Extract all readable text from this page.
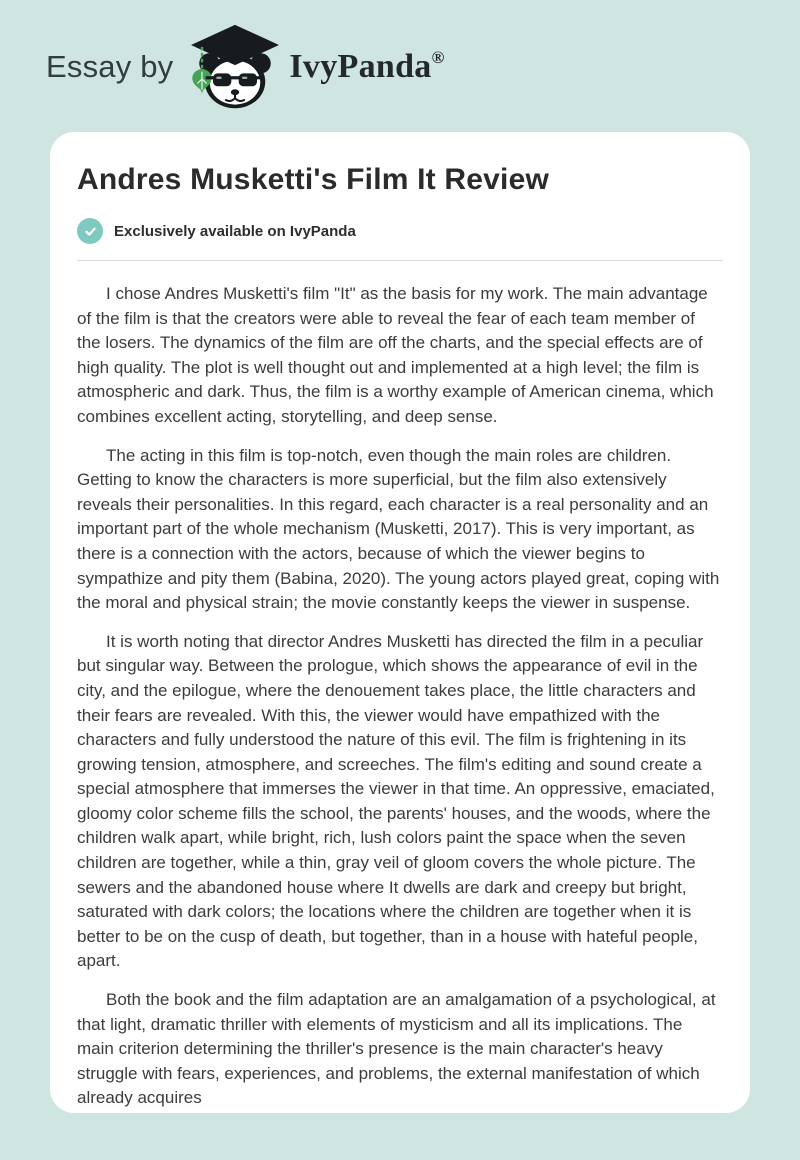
Essay by	IvyPanda®
Andres Musketti's Film It Review
Exclusively available on IvyPanda

I chose Andres Musketti's film "It" as the basis for my work. The main advantage of the film is that the creators were able to reveal the fear of each team member of the losers. The dynamics of the film are off the charts, and the special effects are of high quality. The plot is well thought out and implemented at a high level; the film is atmospheric and dark. Thus, the film is a worthy example of American cinema, which combines excellent acting, storytelling, and deep sense.

The acting in this film is top-notch, even though the main roles are children. Getting to know the characters is more superficial, but the film also extensively reveals their personalities. In this regard, each character is a real personality and an important part of the whole mechanism (Musketti, 2017). This is very important, as there is a connection with the actors, because of which the viewer begins to sympathize and pity them (Babina, 2020). The young actors played great, coping with the moral and physical strain; the movie constantly keeps the viewer in suspense.

It is worth noting that director Andres Musketti has directed the film in a peculiar but singular way. Between the prologue, which shows the appearance of evil in the city, and the epilogue, where the denouement takes place, the little characters and their fears are revealed. With this, the viewer would have empathized with the characters and fully understood the nature of this evil. The film is frightening in its growing tension, atmosphere, and screeches. The film's editing and sound create a special atmosphere that immerses the viewer in that time. An oppressive, emaciated, gloomy color scheme fills the school, the parents' houses, and the woods, where the children walk apart, while bright, rich, lush colors paint the space when the seven children are together, while a thin, gray veil of gloom covers the whole picture. The sewers and the abandoned house where It dwells are dark and creepy but bright, saturated with dark colors; the locations where the children are together when it is better to be on the cusp of death, but together, than in a house with hateful people, apart.

Both the book and the film adaptation are an amalgamation of a psychological, at that light, dramatic thriller with elements of mysticism and all its implications. The main criterion determining the thriller's presence is the main character's heavy struggle with fears, experiences, and problems, the external manifestation of which already acquires
